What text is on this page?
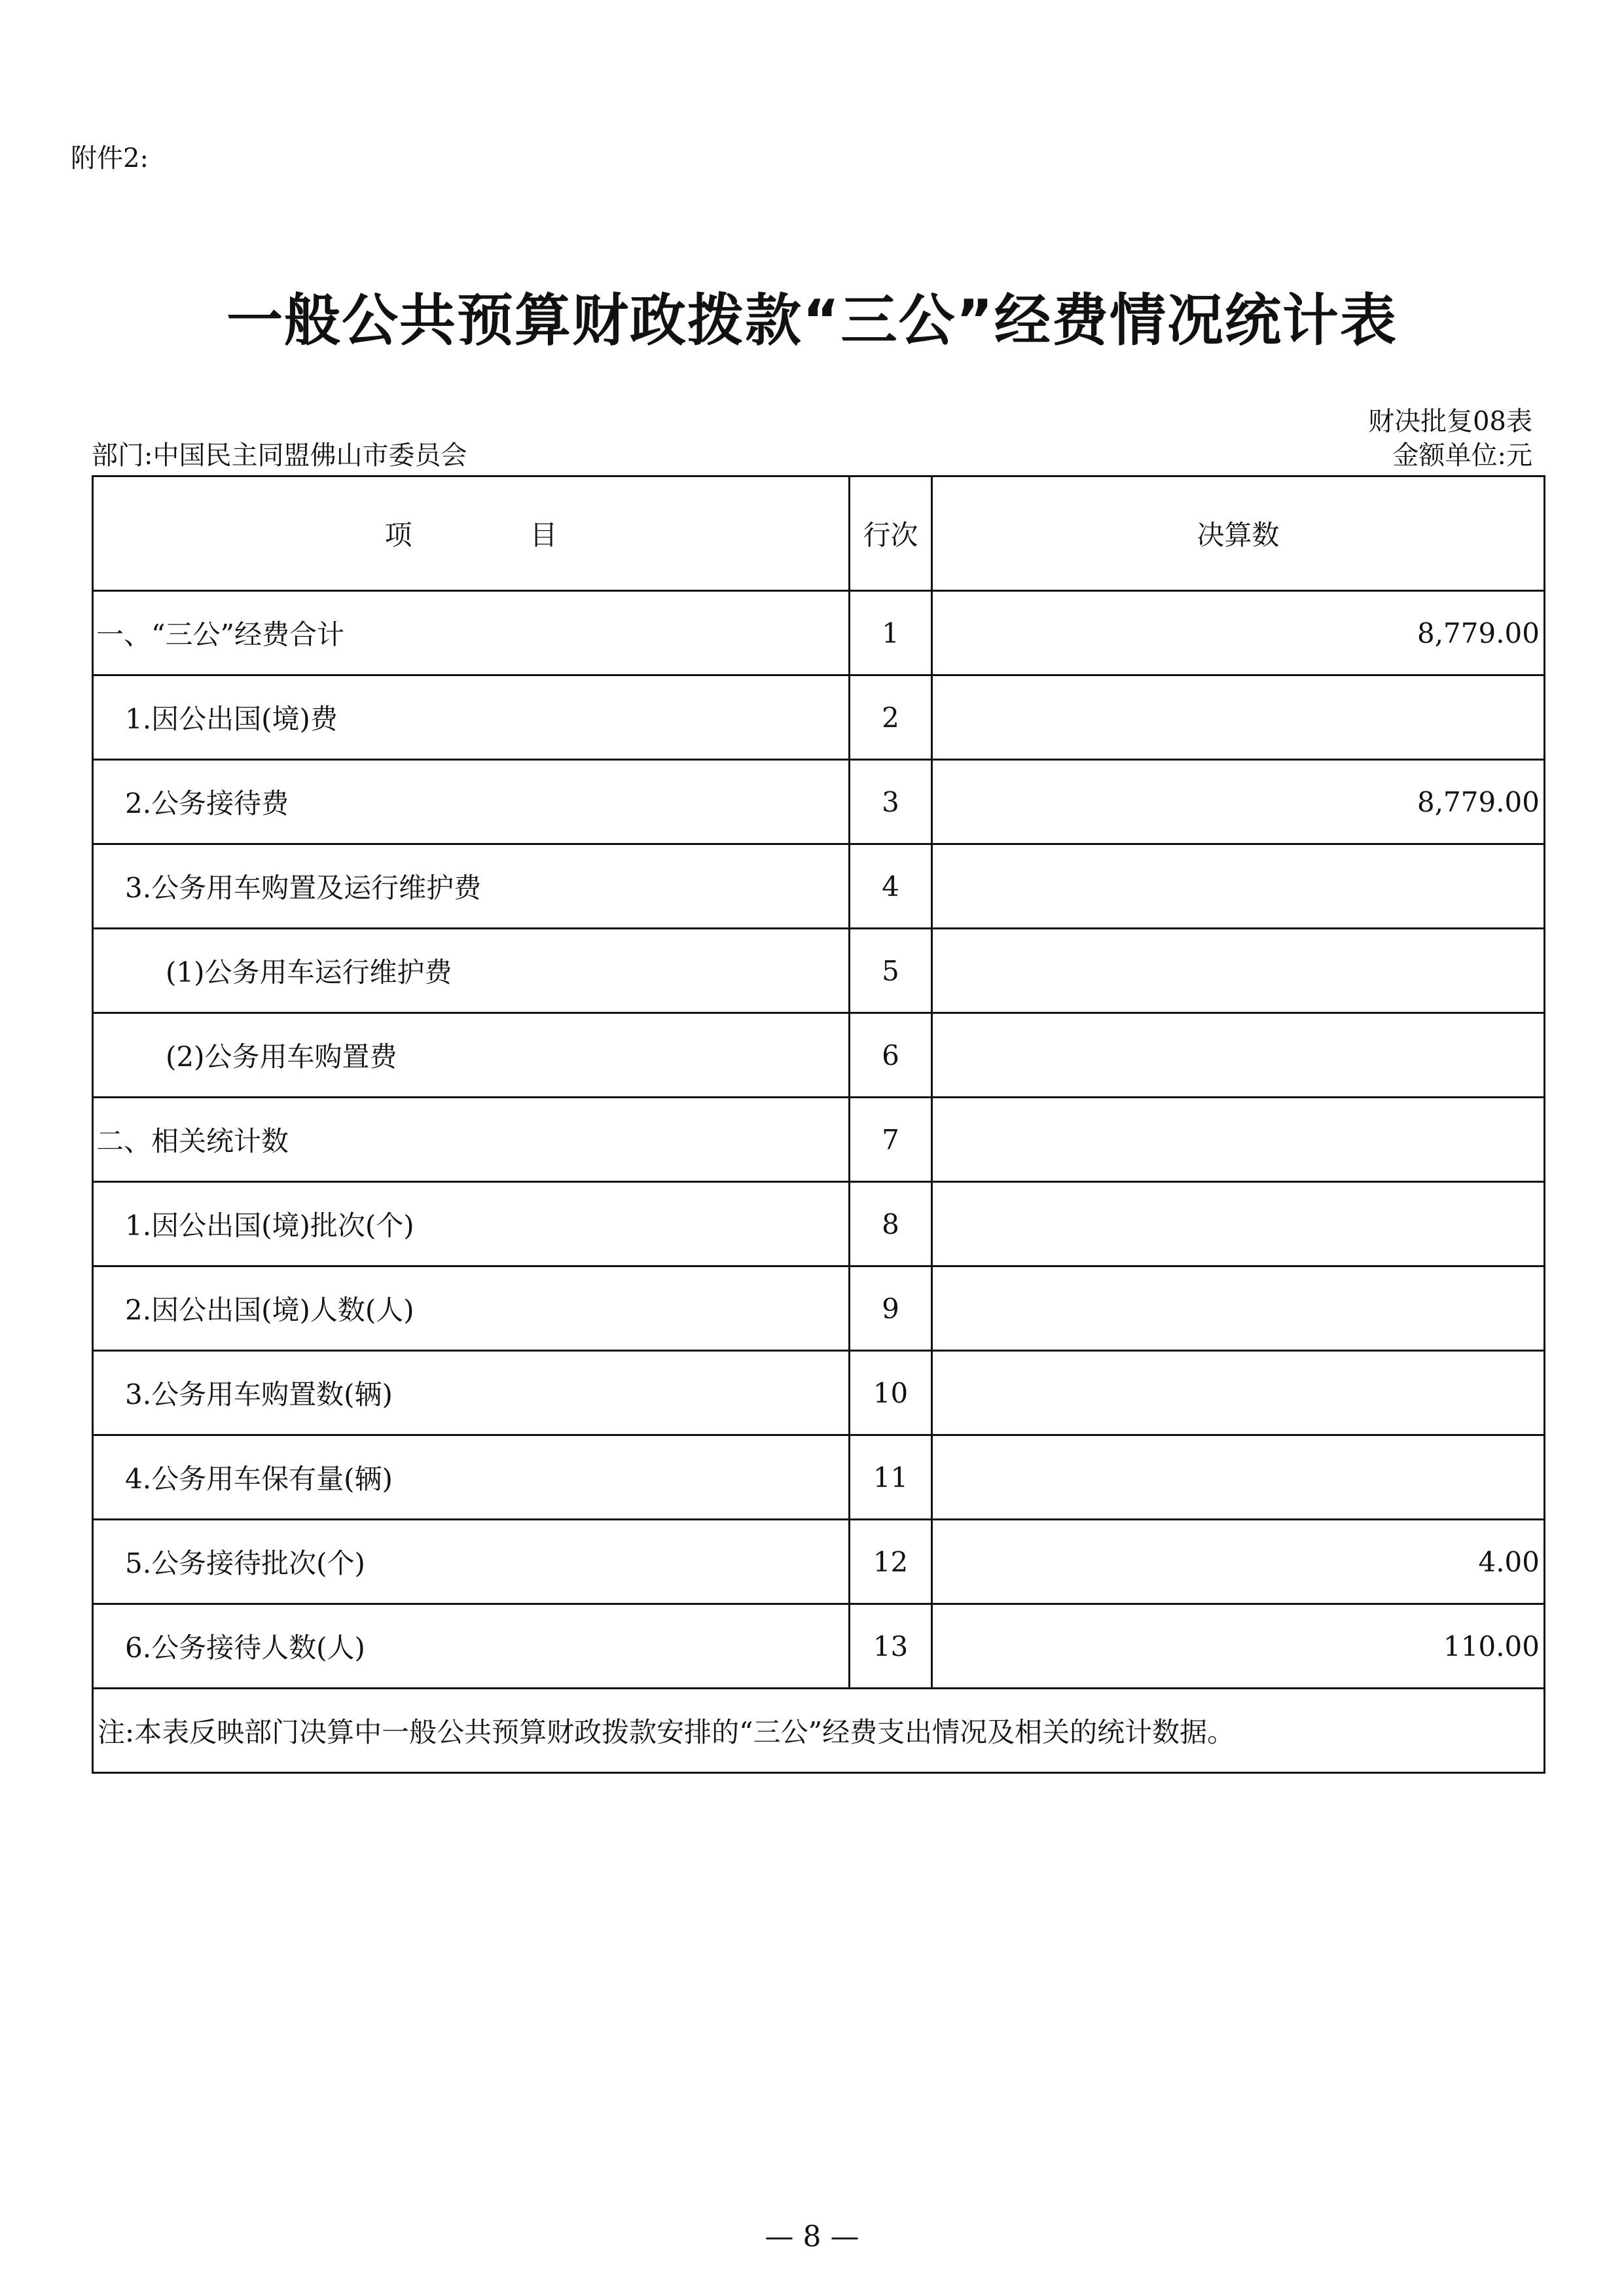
附件2:
一般公共预算财政拨款“三公”经费情况统计表
财决批复08表
部门:中国民主同盟佛山市委员会	金额单位:元
项 目	行次	决算数
一、“三公”经费合计	1	8,779.00
1.因公出国(境)费	2	
2.公务接待费	3	8,779.00
3.公务用车购置及运行维护费	4	
(1)公务用车运行维护费	5	
(2)公务用车购置费	6	
二、相关统计数	7	
1.因公出国(境)批次(个)	8	
2.因公出国(境)人数(人)	9	
3.公务用车购置数(辆)	10	
4.公务用车保有量(辆)	11	
5.公务接待批次(个)	12	4.00
6.公务接待人数(人)	13	110.00
注:本表反映部门决算中一般公共预算财政拨款安排的“三公”经费支出情况及相关的统计数据。		
— 8 —
